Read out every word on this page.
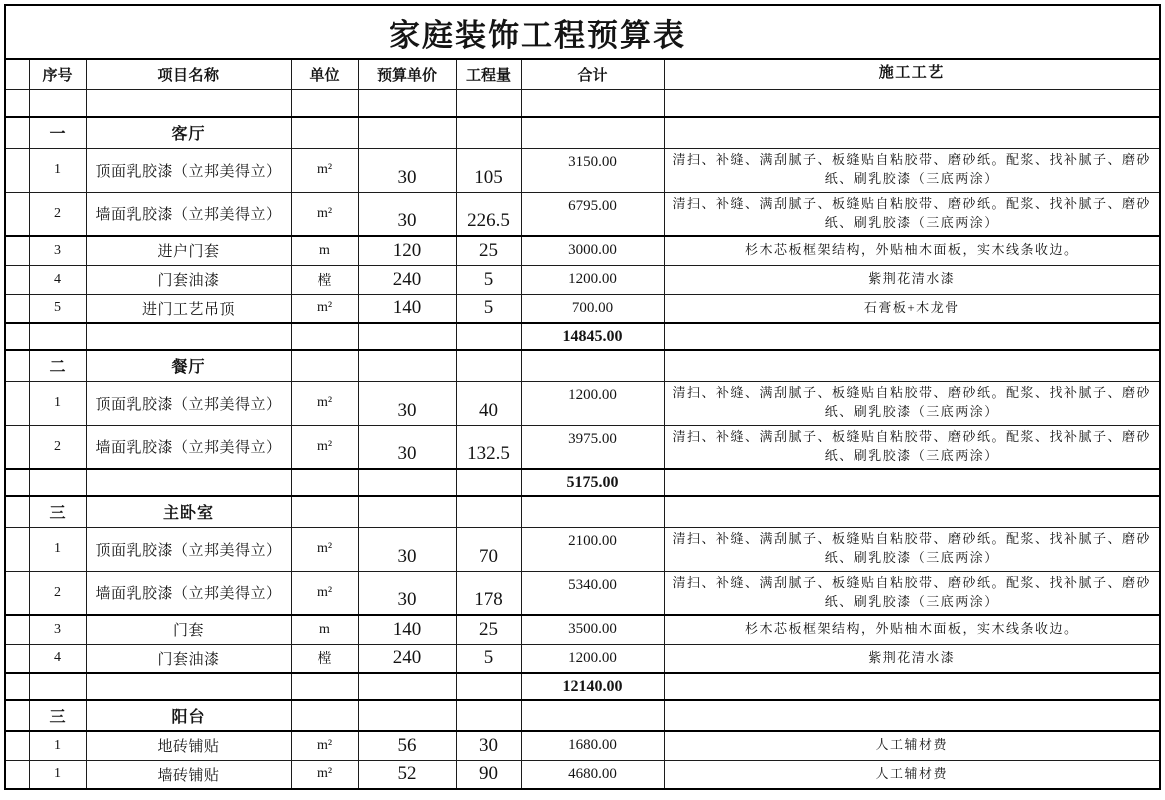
家庭装饰工程预算表							

	序号	项目名称	单位	预算单价	工程量	合计	施工工艺

	一	客厅					
	1	顶面乳胶漆（立邦美得立）	m²	30	105	3150.00	清扫、补缝、满刮腻子、板缝贴自粘胶带、磨砂纸。配浆、找补腻子、磨砂纸、刷乳胶漆（三底两涂）
	2	墙面乳胶漆（立邦美得立）	m²	30	226.5	6795.00	清扫、补缝、满刮腻子、板缝贴自粘胶带、磨砂纸。配浆、找补腻子、磨砂纸、刷乳胶漆（三底两涂）
	3	进户门套	m	120	25	3000.00	杉木芯板框架结构，外贴柚木面板，实木线条收边。
	4	门套油漆	樘	240	5	1200.00	紫荆花清水漆
	5	进门工艺吊顶	m²	140	5	700.00	石膏板+木龙骨
						14845.00	
	二	餐厅					
	1	顶面乳胶漆（立邦美得立）	m²	30	40	1200.00	清扫、补缝、满刮腻子、板缝贴自粘胶带、磨砂纸。配浆、找补腻子、磨砂纸、刷乳胶漆（三底两涂）
	2	墙面乳胶漆（立邦美得立）	m²	30	132.5	3975.00	清扫、补缝、满刮腻子、板缝贴自粘胶带、磨砂纸。配浆、找补腻子、磨砂纸、刷乳胶漆（三底两涂）
						5175.00	
	三	主卧室					
	1	顶面乳胶漆（立邦美得立）	m²	30	70	2100.00	清扫、补缝、满刮腻子、板缝贴自粘胶带、磨砂纸。配浆、找补腻子、磨砂纸、刷乳胶漆（三底两涂）
	2	墙面乳胶漆（立邦美得立）	m²	30	178	5340.00	清扫、补缝、满刮腻子、板缝贴自粘胶带、磨砂纸。配浆、找补腻子、磨砂纸、刷乳胶漆（三底两涂）
	3	门套	m	140	25	3500.00	杉木芯板框架结构，外贴柚木面板，实木线条收边。
	4	门套油漆	樘	240	5	1200.00	紫荆花清水漆
						12140.00	
	三	阳台					
	1	地砖铺贴	m²	56	30	1680.00	人工辅材费
	1	墙砖铺贴	m²	52	90	4680.00	人工辅材费
